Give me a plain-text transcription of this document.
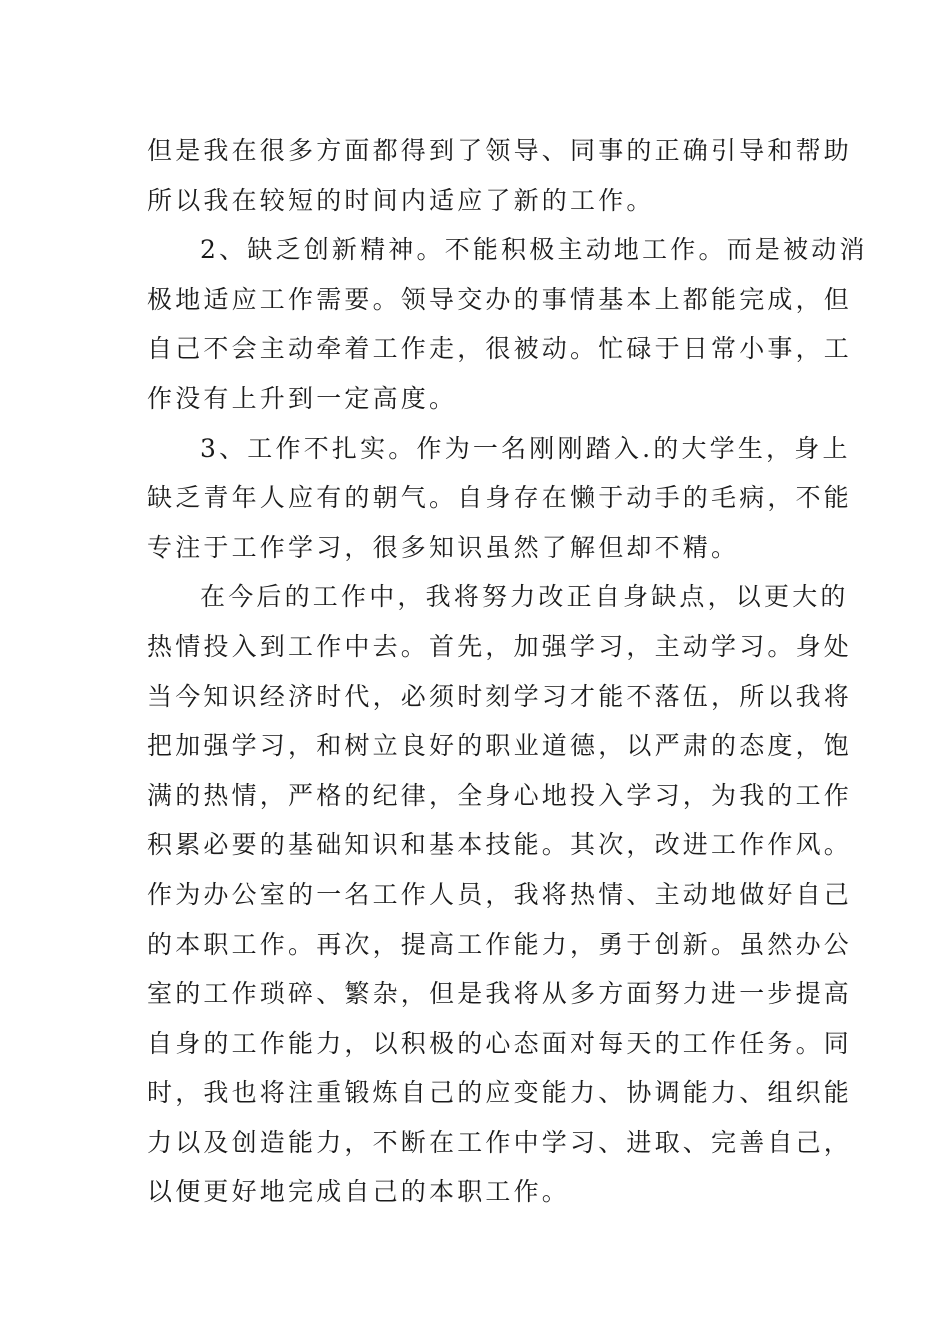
但是我在很多方面都得到了领导、同事的正确引导和帮助
所以我在较短的时间内适应了新的工作。
2、缺乏创新精神。不能积极主动地工作。而是被动消
极地适应工作需要。领导交办的事情基本上都能完成，但
自己不会主动牵着工作走，很被动。忙碌于日常小事，工
作没有上升到一定高度。
3、工作不扎实。作为一名刚刚踏入.的大学生，身上
缺乏青年人应有的朝气。自身存在懒于动手的毛病，不能
专注于工作学习，很多知识虽然了解但却不精。
在今后的工作中，我将努力改正自身缺点，以更大的
热情投入到工作中去。首先，加强学习，主动学习。身处
当今知识经济时代，必须时刻学习才能不落伍，所以我将
把加强学习，和树立良好的职业道德，以严肃的态度，饱
满的热情，严格的纪律，全身心地投入学习，为我的工作
积累必要的基础知识和基本技能。其次，改进工作作风。
作为办公室的一名工作人员，我将热情、主动地做好自己
的本职工作。再次，提高工作能力，勇于创新。虽然办公
室的工作琐碎、繁杂，但是我将从多方面努力进一步提高
自身的工作能力，以积极的心态面对每天的工作任务。同
时，我也将注重锻炼自己的应变能力、协调能力、组织能
力以及创造能力，不断在工作中学习、进取、完善自己，
以便更好地完成自己的本职工作。
